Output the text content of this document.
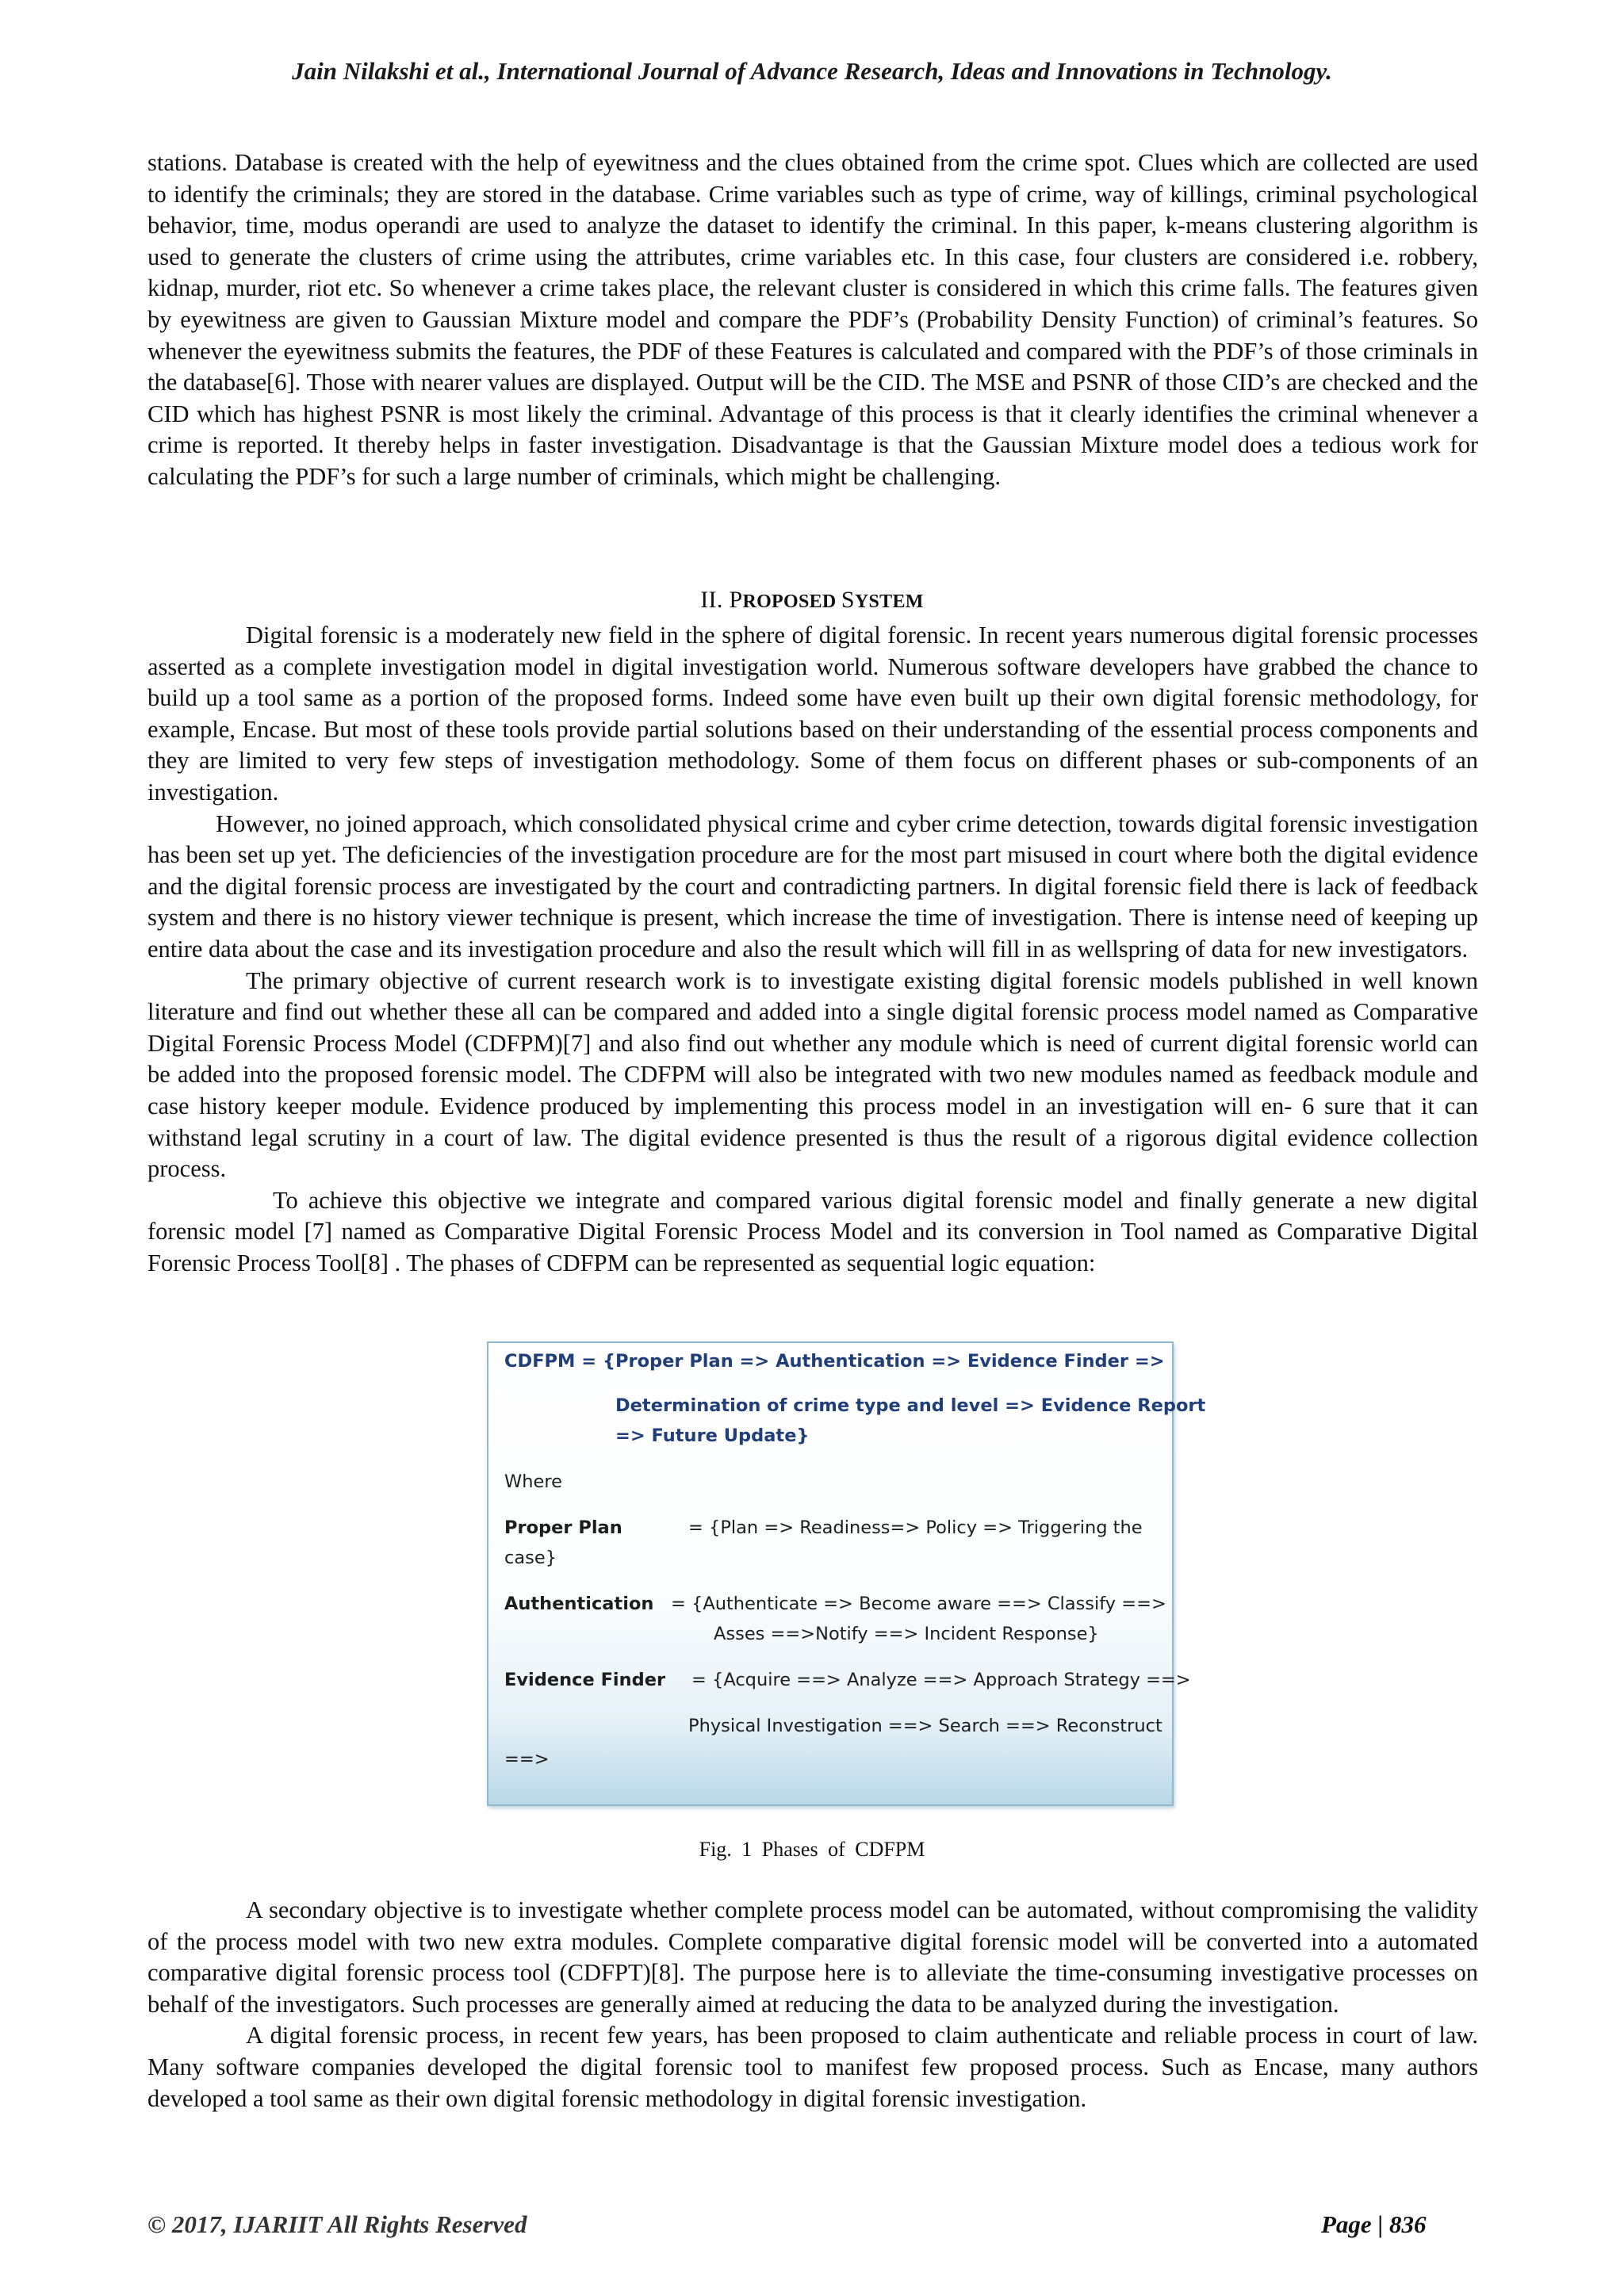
Jain Nilakshi et al., International Journal of Advance Research, Ideas and Innovations in Technology.

stations. Database is created with the help of eyewitness and the clues obtained from the crime spot. Clues which are collected are used to identify the criminals; they are stored in the database. Crime variables such as type of crime, way of killings, criminal psychological behavior, time, modus operandi are used to analyze the dataset to identify the criminal. In this paper, k-means clustering algorithm is used to generate the clusters of crime using the attributes, crime variables etc. In this case, four clusters are considered i.e. robbery, kidnap, murder, riot etc. So whenever a crime takes place, the relevant cluster is considered in which this crime falls. The features given by eyewitness are given to Gaussian Mixture model and compare the PDF’s (Probability Density Function) of criminal’s features. So whenever the eyewitness submits the features, the PDF of these Features is calculated and compared with the PDF’s of those criminals in the database[6]. Those with nearer values are displayed. Output will be the CID. The MSE and PSNR of those CID’s are checked and the CID which has highest PSNR is most likely the criminal. Advantage of this process is that it clearly identifies the criminal whenever a crime is reported. It thereby helps in faster investigation. Disadvantage is that the Gaussian Mixture model does a tedious work for calculating the PDF’s for such a large number of criminals, which might be challenging.

II. PROPOSED SYSTEM

Digital forensic is a moderately new field in the sphere of digital forensic. In recent years numerous digital forensic processes asserted as a complete investigation model in digital investigation world. Numerous software developers have grabbed the chance to build up a tool same as a portion of the proposed forms. Indeed some have even built up their own digital forensic methodology, for example, Encase. But most of these tools provide partial solutions based on their understanding of the essential process components and they are limited to very few steps of investigation methodology. Some of them focus on different phases or sub-components of an investigation.

However, no joined approach, which consolidated physical crime and cyber crime detection, towards digital forensic investigation has been set up yet. The deficiencies of the investigation procedure are for the most part misused in court where both the digital evidence and the digital forensic process are investigated by the court and contradicting partners. In digital forensic field there is lack of feedback system and there is no history viewer technique is present, which increase the time of investigation. There is intense need of keeping up entire data about the case and its investigation procedure and also the result which will fill in as wellspring of data for new investigators.

The primary objective of current research work is to investigate existing digital forensic models published in well known literature and find out whether these all can be compared and added into a single digital forensic process model named as Comparative Digital Forensic Process Model (CDFPM)[7] and also find out whether any module which is need of current digital forensic world can be added into the proposed forensic model. The CDFPM will also be integrated with two new modules named as feedback module and case history keeper module. Evidence produced by implementing this process model in an investigation will en- 6 sure that it can withstand legal scrutiny in a court of law. The digital evidence presented is thus the result of a rigorous digital evidence collection process.

To achieve this objective we integrate and compared various digital forensic model and finally generate a new digital forensic model [7] named as Comparative Digital Forensic Process Model and its conversion in Tool named as Comparative Digital Forensic Process Tool[8] . The phases of CDFPM can be represented as sequential logic equation:

CDFPM = {Proper Plan => Authentication => Evidence Finder =>
Determination of crime type and level => Evidence Report
=> Future Update}
Where
Proper Plan	= {Plan => Readiness=> Policy => Triggering the
case}
Authentication = {Authenticate => Become aware ==> Classify ==>
Asses ==>Notify ==> Incident Response}
Evidence Finder = {Acquire ==> Analyze ==> Approach Strategy ==>
Physical Investigation ==> Search ==> Reconstruct
==>
Fig. 1 Phases of CDFPM

A secondary objective is to investigate whether complete process model can be automated, without compromising the validity of the process model with two new extra modules. Complete comparative digital forensic model will be converted into a automated comparative digital forensic process tool (CDFPT)[8]. The purpose here is to alleviate the time-consuming investigative processes on behalf of the investigators. Such processes are generally aimed at reducing the data to be analyzed during the investigation.

A digital forensic process, in recent few years, has been proposed to claim authenticate and reliable process in court of law. Many software companies developed the digital forensic tool to manifest few proposed process. Such as Encase, many authors developed a tool same as their own digital forensic methodology in digital forensic investigation.

© 2017, IJARIIT All Rights Reserved	Page | 836
